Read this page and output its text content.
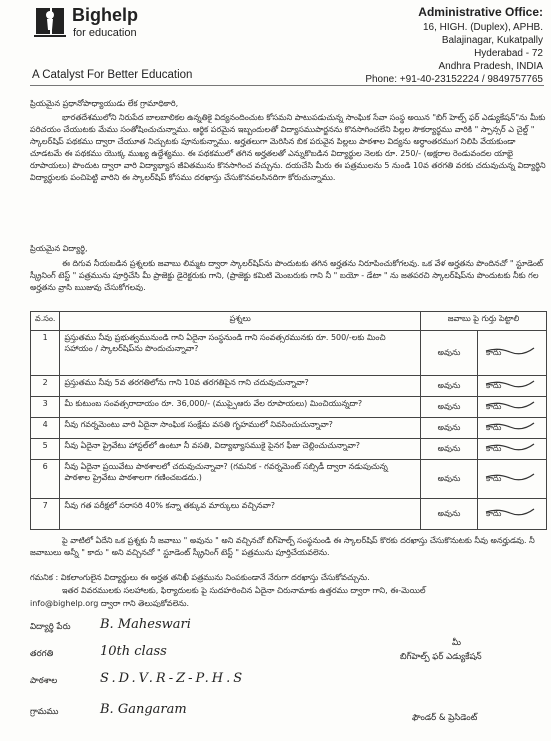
Bighelp
for education
A Catalyst For Better Education
Administrative Office:
16, HIGH. (Duplex), APHB.
Balajinagar, Kukatpally
Hyderabad - 72
Andhra Pradesh, INDIA
Phone: +91-40-23152224 / 9849757765
ప్రియమైన ప్రధానోపాధ్యాయుడు లేక గ్రామాధికారి,
భారతదేశములోని నిరుపేద బాలబాలికల ఉన్నతికై విద్యనందించుట కోసమని పాటుపడుచున్న సాంఘిక సేవా సంస్థ అయిన "బిగ్ హెల్ప్ ఫర్ ఎడ్యుకేషన్"ను మీకు పరిచయం చేయుటకు మేము సంతోషించుచున్నాము. ఆర్థిక పరమైన ఇబ్బందులతో విద్యాసముపార్జనను కొనసాగించలేని పిల్లల సౌకర్యార్థము వారికి " స్పాన్సర్ ఎ చైల్డ్ " స్కాలర్‌షిప్ పథకము ద్వారా చేయూత నిచ్చుటకు పూనుకున్నాము. అర్హతలుగా మెరిసిన బిక పరువైన పిల్లలు పాఠశాల విద్యను అర్ధాంతరముగ నిలిపి వేయకుండా చూడటమే ఈ పథకము యొక్క ముఖ్య ఉద్దేశ్యము. ఈ పథకములో తగిన అర్హతలతో ఎన్నుకొబడిన విద్యార్థుల నెలకు రూ. 250/- (అక్షరాల రెండువందల యాభై రూపాయలు) పొందుట ద్వారా వారి విద్యాభ్యాస జీవితమును కొనసాగించ వచ్చును. దయచేసి మీరు ఈ పత్రములను 5 నుండి 10వ తరగతి వరకు చదువుచున్న విద్యార్థిని విద్యార్థులకు పంచిపెట్టి వారిని ఈ స్కాలర్‌షిప్ కోసము దరఖాస్తు చేసుకొనవలసినదిగా కోరుచున్నాము.
ప్రియమైన విద్యార్థి,
ఈ దిగువ నీయబడిన ప్రశ్నలకు జవాబు లిమ్మట ద్వారా స్కాలర్‌షిప్‌ను పొందుటకు తగిన అర్హతను నిరూపించుకోగలవు. ఒక వేళ అర్హతను పొందినచో " స్టూడెంట్ స్క్రీనింగ్ టెస్ట్ " పత్రమును పూర్తిచేసి మీ ప్రాజెక్టు డైరెక్టరుకు గాని, (ప్రాజెక్టు కమిటి మెంబరుకు గాని నీ " బయో - డేటా " ను జతపరచి స్కాలర్‌షిప్‌ను పొందుటకు నీకు గల అర్హతను వ్రాసి ఋజువు చేసుకోగలవు.
వ.సం.	ప్రశ్నలు	జవాబు పై గుర్తు పెట్టాలి	
1	ప్రస్తుతము నీవు ప్రభుత్వమునుండి గాని ఏదైనా సంస్థనుండి గాని సంవత్సరమునకు రూ. 500/-లకు మించి సహాయం / స్కాలర్‌షిప్‌ను పొందుచున్నావా?	అవును	కాదు

2	ప్రస్తుతము నీవు 5వ తరగతిలోను గాని 10వ తరగతిపైన గాని చదువుచున్నావా?	అవును	కాదు

3	మీ కుటుంబ సంవత్సరాదాయం రూ. 36,000/- (ముప్పైఆరు వేల రూపాయలు) మించియున్నదా?	అవును	కాదు

4	నీవు గవర్నమెంటు వారి ఏదైనా సాంఘిక సంక్షేమ వసతి గృహములో నివసించుచున్నావా?	అవును	కాదు

5	నీవు ఏదైనా ప్రైవేటు హాస్టల్‌లో ఉంటూ నీ వసతి, విద్యాభ్యాసముకై పైనగ ఫీజు చెల్లించుచున్నావా?	అవును	కాదు

6	నీవు ఏదైనా ప్రయివేటు పాఠశాలలో చదువుచున్నావా? (గమనిక - గవర్నమెంట్ సబ్సిడీ ద్వారా నడుపుచున్న పాఠశాల ప్రైవేటు పాఠశాలగా గణించబడదు.)	అవును	కాదు

7	నీవు గత పరీక్షలో సరాసరి 40% కన్నా తక్కువ మార్కులు వచ్చినవా?	అవును	కాదు
పై వాటిలో ఏదేని ఒక ప్రశ్నకు నీ జవాబు " అవును " అని వచ్చినచో బిగ్‌హెల్ప్ సంస్థనుండి ఈ స్కాలర్‌షిప్ కొరకు దరఖాస్తు చేసుకొనుటకు నీవు అనర్హుడవు. నీ జవాబులు అన్నీ " కాదు " అని వచ్చినచో " స్టూడెంట్ స్క్రీనింగ్ టెస్ట్ " పత్రమును పూర్తిచేయవలెను.
గమనిక : వికలాంగులైన విద్యార్థులు ఈ అర్హత తనిఖీ పత్రమును నింపకుండానే నేరుగా దరఖాస్తు చేసుకోవచ్చును.
ఇతర వివరములకు సలహాలకు, ఫిర్యాదులకు పై సుదహరించిన ఏదైనా చిరునామాకు ఉత్తరము ద్వారా గాని, ఈ-మెయిల్
info@bighelp.org ద్వారా గాని తెలుపుకోవలెను.
విద్యార్థి పేరు B. Maheswari
తరగతి	10th class
పాఠశాల	S.D.V.R-Z-P.H.S
గ్రామము	B. Gangaram
మీ
బిగ్‌హెల్ప్ ఫర్ ఎడ్యుకేషన్
ఫౌండర్ & ప్రెసిడెంట్
